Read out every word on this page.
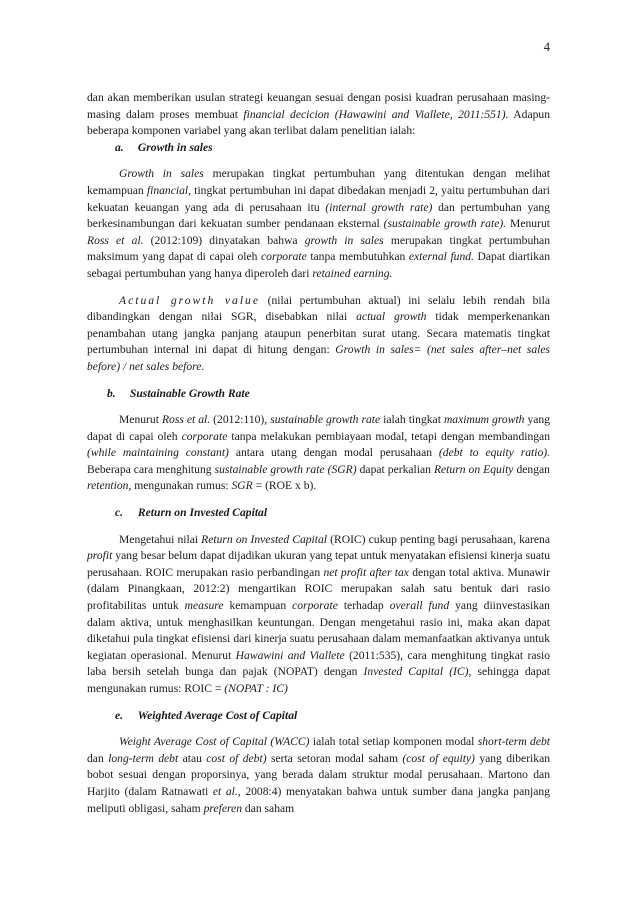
4

dan akan memberikan usulan strategi keuangan sesuai dengan posisi kuadran perusahaan masing-masing dalam proses membuat financial decicion (Hawawini and Viallete, 2011:551). Adapun beberapa komponen variabel yang akan terlibat dalam penelitian ialah:

a. Growth in sales

Growth in sales merupakan tingkat pertumbuhan yang ditentukan dengan melihat kemampuan financial, tingkat pertumbuhan ini dapat dibedakan menjadi 2, yaitu pertumbuhan dari kekuatan keuangan yang ada di perusahaan itu (internal growth rate) dan pertumbuhan yang berkesinambungan dari kekuatan sumber pendanaan eksternal (sustainable growth rate). Menurut Ross et al. (2012:109) dinyatakan bahwa growth in sales merupakan tingkat pertumbuhan maksimum yang dapat di capai oleh corporate tanpa membutuhkan external fund. Dapat diartikan sebagai pertumbuhan yang hanya diperoleh dari retained earning.

Actual growth value (nilai pertumbuhan aktual) ini selalu lebih rendah bila dibandingkan dengan nilai SGR, disebabkan nilai actual growth tidak memperkenankan penambahan utang jangka panjang ataupun penerbitan surat utang. Secara matematis tingkat pertumbuhan internal ini dapat di hitung dengan: Growth in sales= (net sales after–net sales before) / net sales before.

b. Sustainable Growth Rate

Menurut Ross et al. (2012:110), sustainable growth rate ialah tingkat maximum growth yang dapat di capai oleh corporate tanpa melakukan pembiayaan modal, tetapi dengan membandingan (while maintaining constant) antara utang dengan modal perusahaan (debt to equity ratio). Beberapa cara menghitung sustainable growth rate (SGR) dapat perkalian Return on Equity dengan retention, mengunakan rumus: SGR = (ROE x b).

c. Return on Invested Capital

Mengetahui nilai Return on Invested Capital (ROIC) cukup penting bagi perusahaan, karena profit yang besar belum dapat dijadikan ukuran yang tepat untuk menyatakan efisiensi kinerja suatu perusahaan. ROIC merupakan rasio perbandingan net profit after tax dengan total aktiva. Munawir (dalam Pinangkaan, 2012:2) mengartikan ROIC merupakan salah satu bentuk dari rasio profitabilitas untuk measure kemampuan corporate terhadap overall fund yang diinvestasikan dalam aktiva, untuk menghasilkan keuntungan. Dengan mengetahui rasio ini, maka akan dapat diketahui pula tingkat efisiensi dari kinerja suatu perusahaan dalam memanfaatkan aktivanya untuk kegiatan operasional. Menurut Hawawini and Viallete (2011:535), cara menghitung tingkat rasio laba bersih setelah bunga dan pajak (NOPAT) dengan Invested Capital (IC), sehingga dapat mengunakan rumus: ROIC = (NOPAT : IC)

e. Weighted Average Cost of Capital

Weight Average Cost of Capital (WACC) ialah total setiap komponen modal short-term debt dan long-term debt atau cost of debt) serta setoran modal saham (cost of equity) yang diberikan bobot sesuai dengan proporsinya, yang berada dalam struktur modal perusahaan. Martono dan Harjito (dalam Ratnawati et al., 2008:4) menyatakan bahwa untuk sumber dana jangka panjang meliputi obligasi, saham preferen dan saham
